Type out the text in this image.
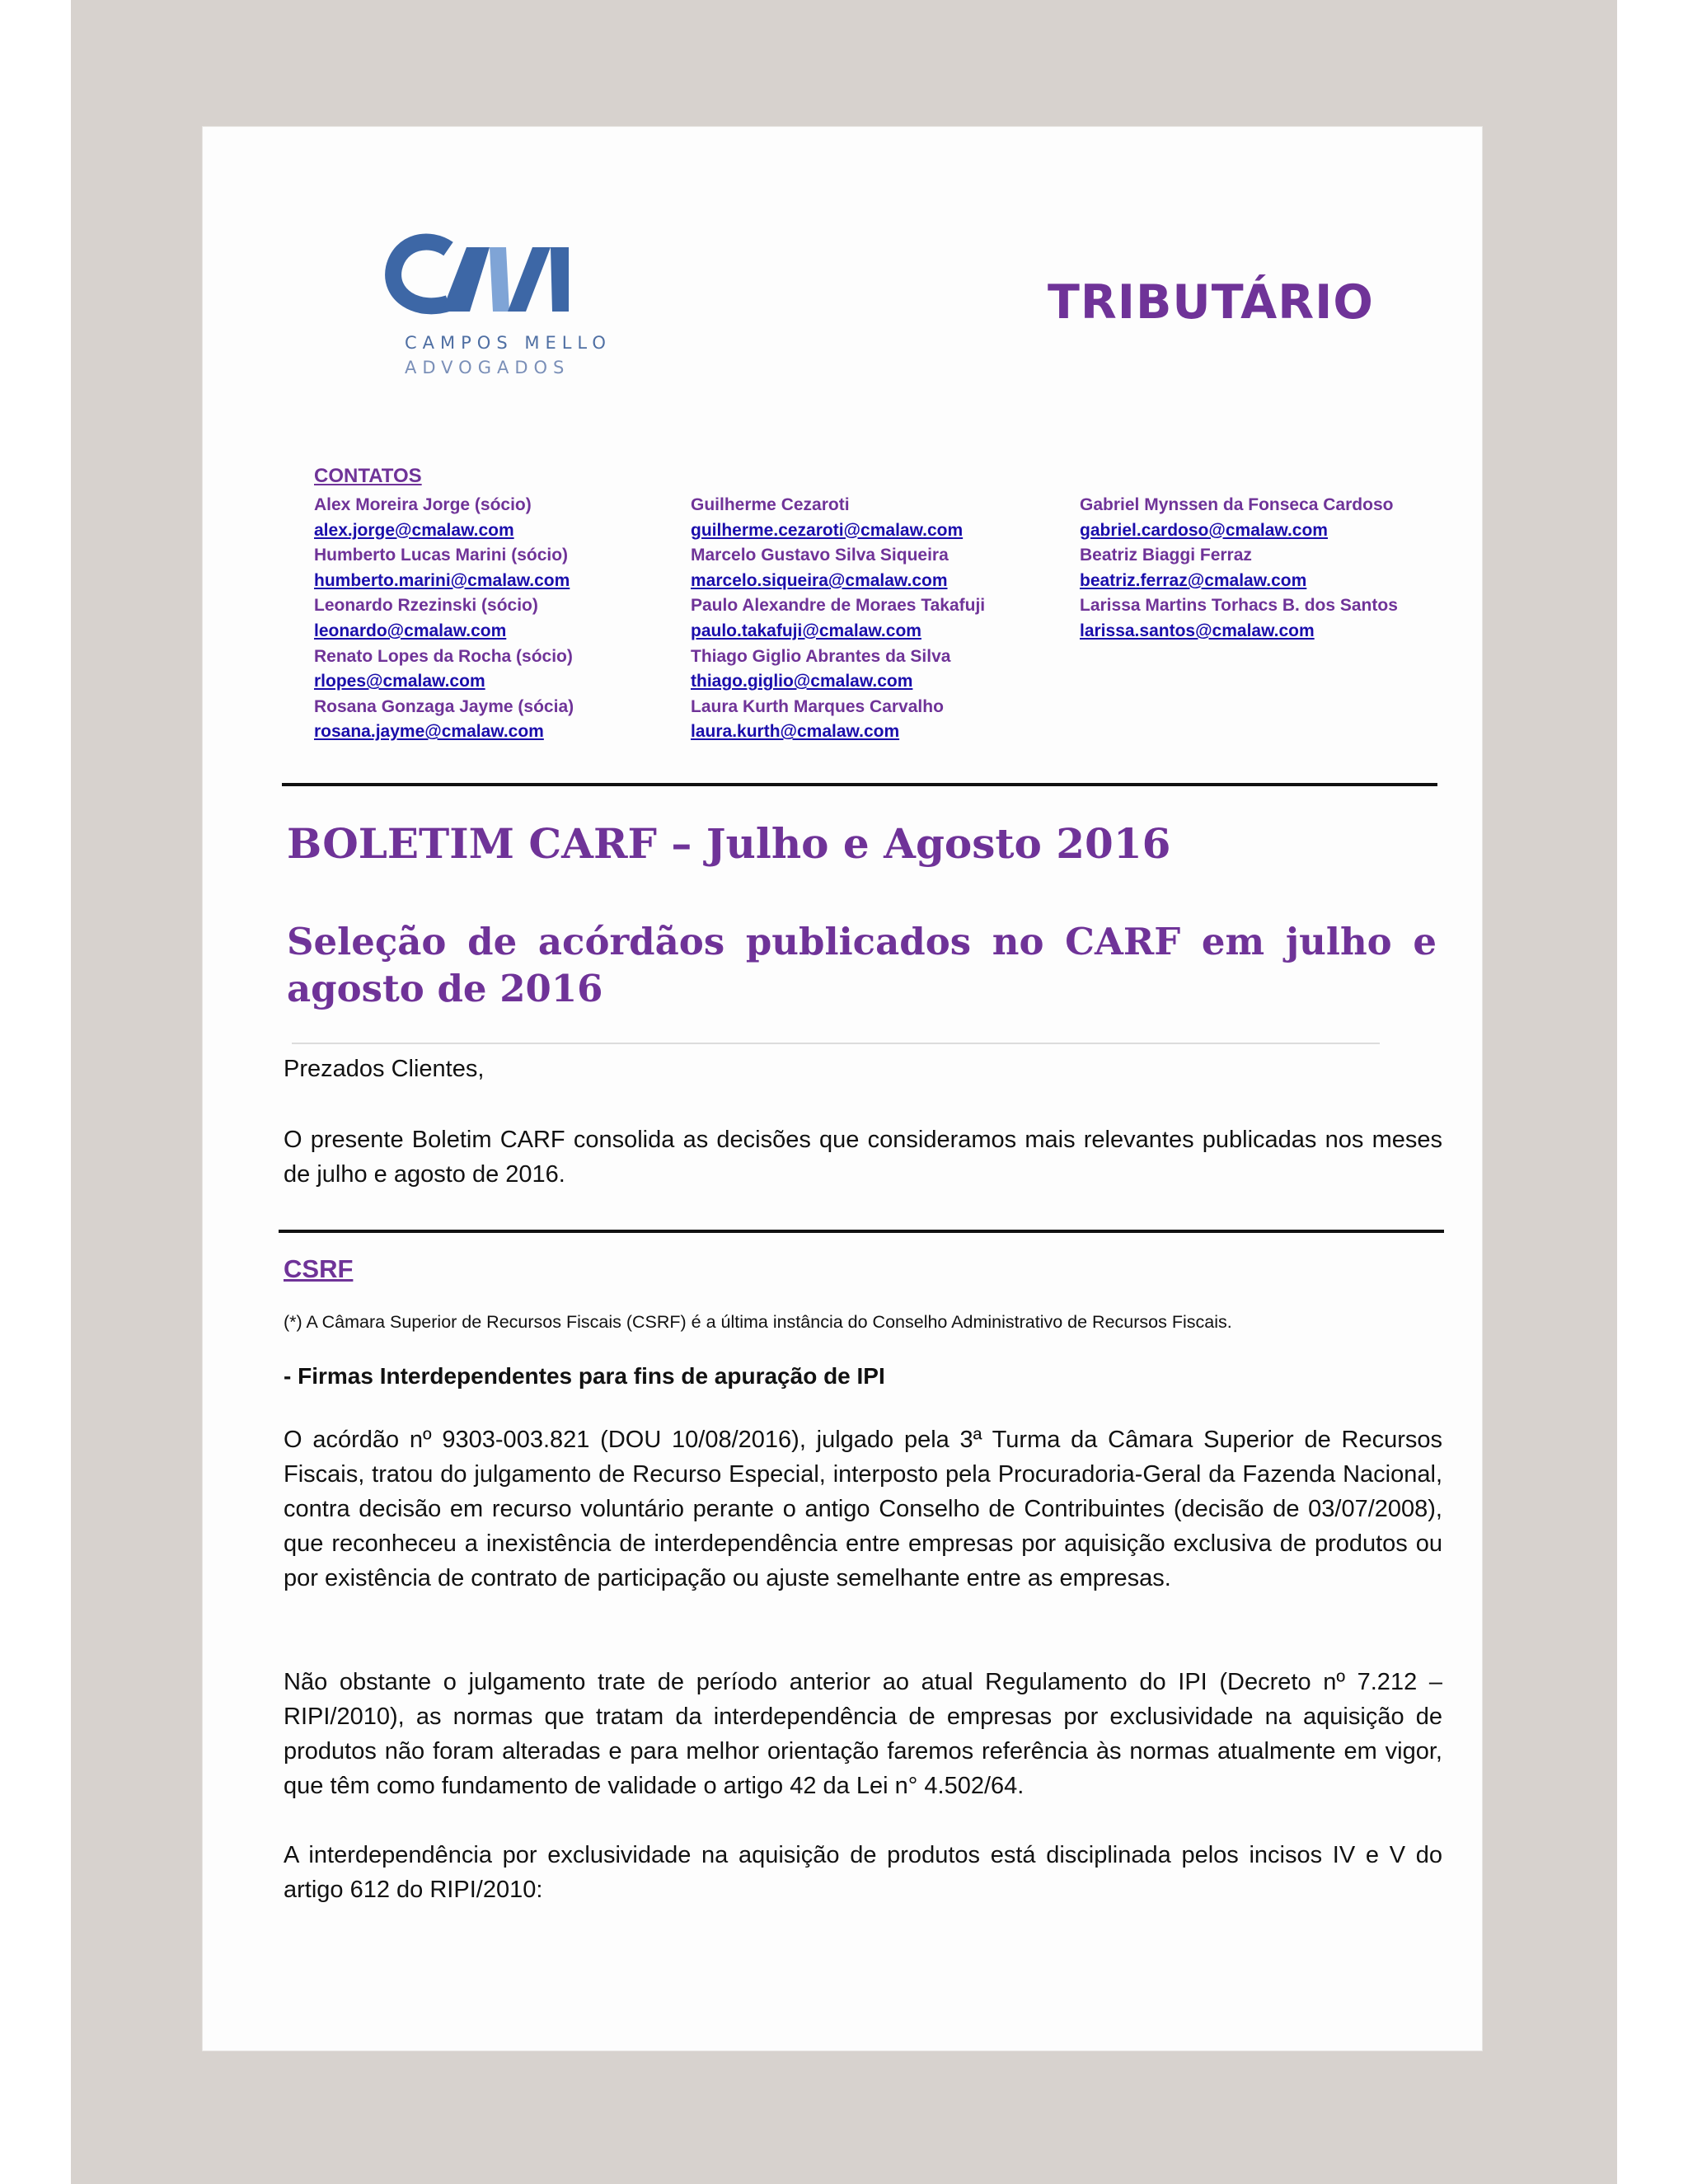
CAMPOS MELLO
ADVOGADOS
TRIBUTÁRIO
CONTATOS
Alex Moreira Jorge (sócio)
alex.jorge@cmalaw.com
Humberto Lucas Marini (sócio)
humberto.marini@cmalaw.com
Leonardo Rzezinski (sócio)
leonardo@cmalaw.com
Renato Lopes da Rocha (sócio)
rlopes@cmalaw.com
Rosana Gonzaga Jayme (sócia)
rosana.jayme@cmalaw.com
Guilherme Cezaroti
guilherme.cezaroti@cmalaw.com
Marcelo Gustavo Silva Siqueira
marcelo.siqueira@cmalaw.com
Paulo Alexandre de Moraes Takafuji
paulo.takafuji@cmalaw.com
Thiago Giglio Abrantes da Silva
thiago.giglio@cmalaw.com
Laura Kurth Marques Carvalho
laura.kurth@cmalaw.com
Gabriel Mynssen da Fonseca Cardoso
gabriel.cardoso@cmalaw.com
Beatriz Biaggi Ferraz
beatriz.ferraz@cmalaw.com
Larissa Martins Torhacs B. dos Santos
larissa.santos@cmalaw.com
BOLETIM CARF – Julho e Agosto 2016
Seleção de acórdãos publicados no CARF em julho e agosto de 2016
Prezados Clientes,
O presente Boletim CARF consolida as decisões que consideramos mais relevantes publicadas nos meses de julho e agosto de 2016.
CSRF
(*) A Câmara Superior de Recursos Fiscais (CSRF) é a última instância do Conselho Administrativo de Recursos Fiscais.
- Firmas Interdependentes para fins de apuração de IPI
O acórdão nº 9303-003.821 (DOU 10/08/2016), julgado pela 3ª Turma da Câmara Superior de Recursos Fiscais, tratou do julgamento de Recurso Especial, interposto pela Procuradoria-Geral da Fazenda Nacional, contra decisão em recurso voluntário perante o antigo Conselho de Contribuintes (decisão de 03/07/2008), que reconheceu a inexistência de interdependência entre empresas por aquisição exclusiva de produtos ou por existência de contrato de participação ou ajuste semelhante entre as empresas.
Não obstante o julgamento trate de período anterior ao atual Regulamento do IPI (Decreto nº 7.212 – RIPI/2010), as normas que tratam da interdependência de empresas por exclusividade na aquisição de produtos não foram alteradas e para melhor orientação faremos referência às normas atualmente em vigor, que têm como fundamento de validade o artigo 42 da Lei n° 4.502/64.
A interdependência por exclusividade na aquisição de produtos está disciplinada pelos incisos IV e V do artigo 612 do RIPI/2010:
